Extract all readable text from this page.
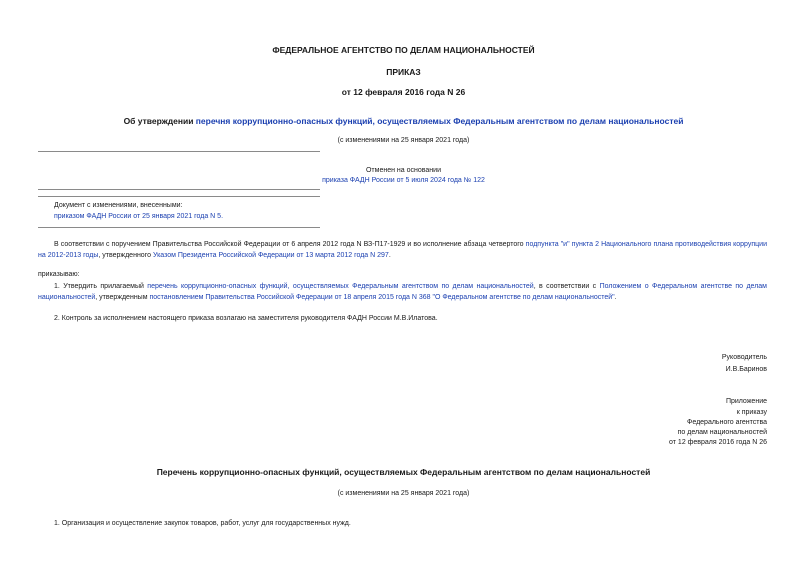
ФЕДЕРАЛЬНОЕ АГЕНТСТВО ПО ДЕЛАМ НАЦИОНАЛЬНОСТЕЙ
ПРИКАЗ
от 12 февраля 2016 года N 26
Об утверждении перечня коррупционно-опасных функций, осуществляемых Федеральным агентством по делам национальностей
(с изменениями на 25 января 2021 года)
Отменен на основании
приказа ФАДН России от 5 июля 2024 года № 122
Документ с изменениями, внесенными:
приказом ФАДН России от 25 января 2021 года N 5.
В соответствии с поручением Правительства Российской Федерации от 6 апреля 2012 года N ВЗ-П17-1929 и во исполнение абзаца четвертого подпункта "и" пункта 2 Национального плана противодействия коррупции на 2012-2013 годы, утвержденного Указом Президента Российской Федерации от 13 марта 2012 года N 297.
приказываю:
1. Утвердить прилагаемый перечень коррупционно-опасных функций, осуществляемых Федеральным агентством по делам национальностей, в соответствии с Положением о Федеральном агентстве по делам национальностей, утвержденным постановлением Правительства Российской Федерации от 18 апреля 2015 года N 368 "О Федеральном агентстве по делам национальностей".
2. Контроль за исполнением настоящего приказа возлагаю на заместителя руководителя ФАДН России М.В.Илатова.
Руководитель
И.В.Баринов
Приложение
к приказу
Федерального агентства
по делам национальностей
от 12 февраля 2016 года N 26
Перечень коррупционно-опасных функций, осуществляемых Федеральным агентством по делам национальностей
(с изменениями на 25 января 2021 года)
1. Организация и осуществление закупок товаров, работ, услуг для государственных нужд.
